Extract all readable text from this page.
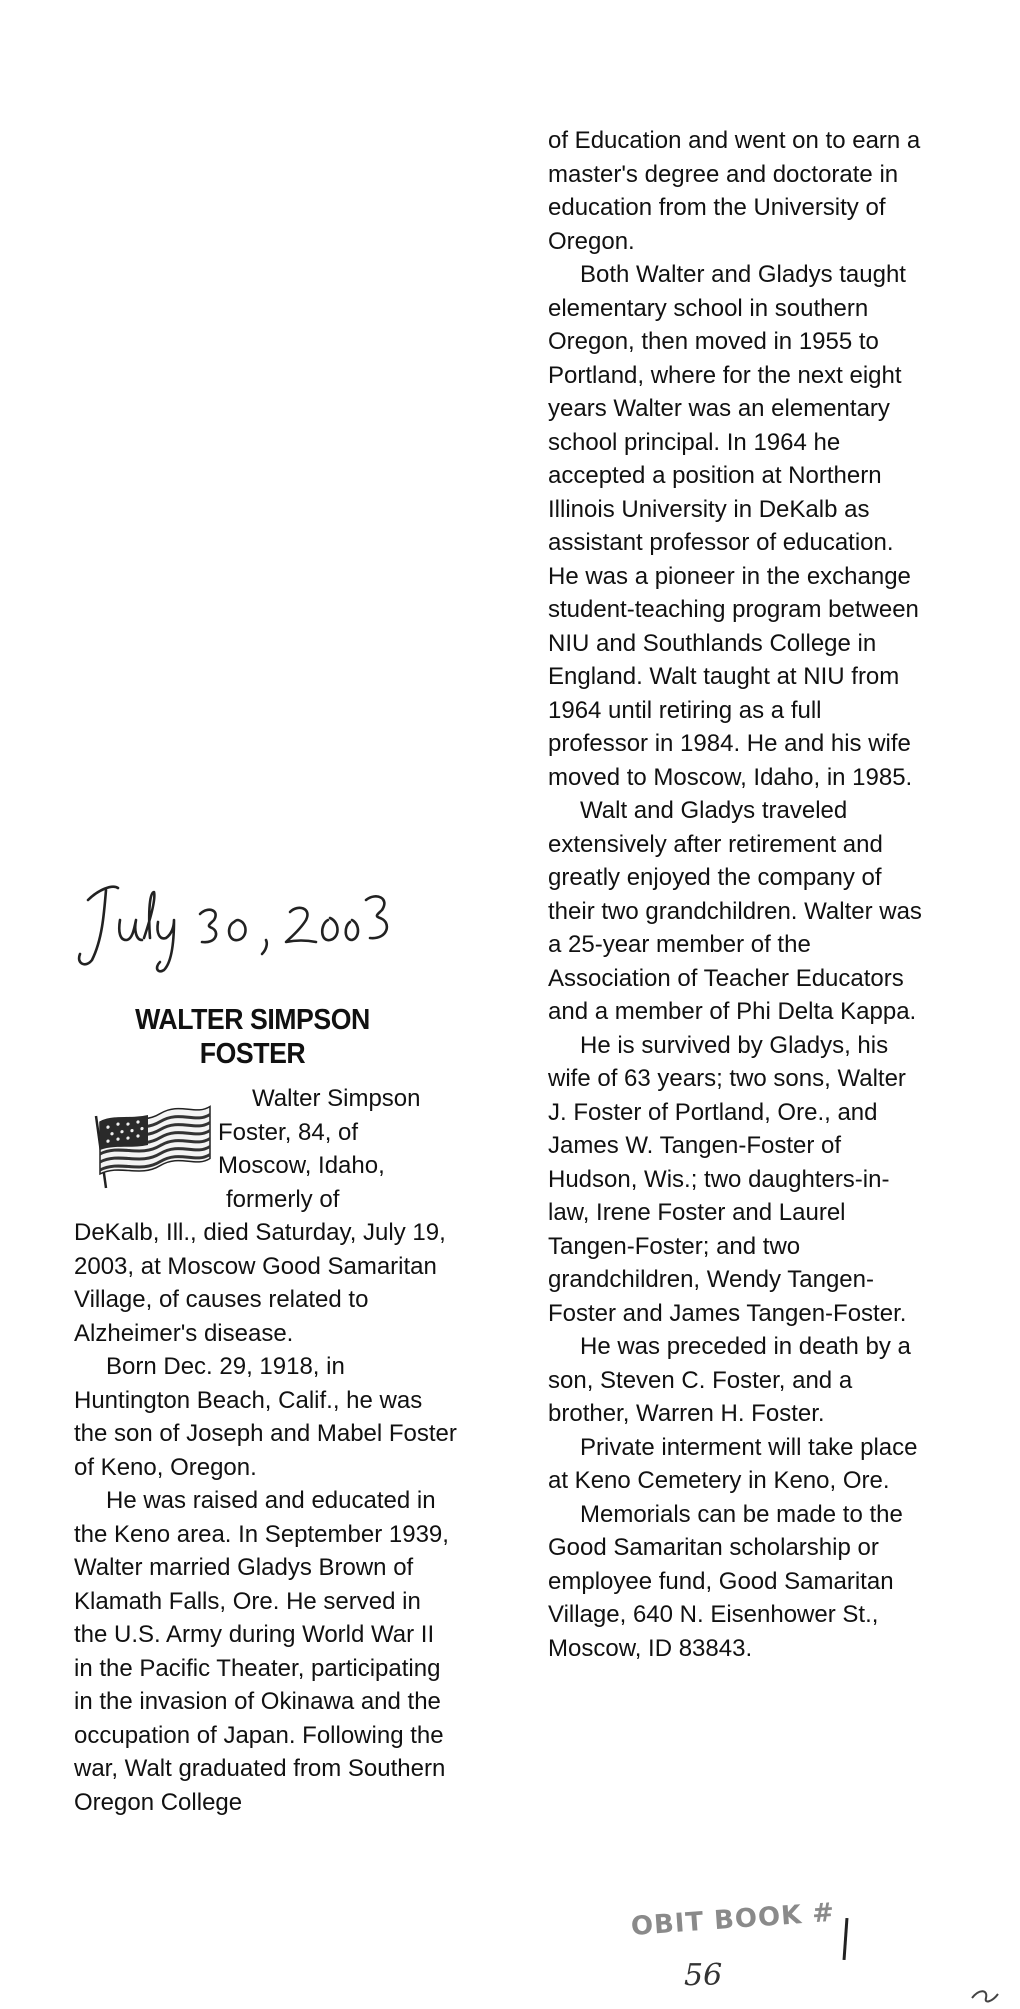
WALTER SIMPSON
FOSTER
Walter Simpson
Foster, 84, of
Moscow, Idaho,
formerly of
DeKalb, Ill., died Saturday, July 19, 2003, at Moscow Good Samaritan Village, of causes related to Alzheimer's disease.

Born Dec. 29, 1918, in Huntington Beach, Calif., he was the son of Joseph and Mabel Foster of Keno, Oregon.

He was raised and educated in the Keno area. In September 1939, Walter married Gladys Brown of Klamath Falls, Ore. He served in the U.S. Army during World War II in the Pacific Theater, participating in the invasion of Okinawa and the occupation of Japan. Following the war, Walt graduated from Southern Oregon College

of Education and went on to earn a master's degree and doctorate in education from the University of Oregon.

Both Walter and Gladys taught elementary school in southern Oregon, then moved in 1955 to Portland, where for the next eight years Walter was an elementary school principal. In 1964 he accepted a position at Northern Illinois University in DeKalb as assistant professor of education. He was a pioneer in the exchange student-teaching program between NIU and Southlands College in England. Walt taught at NIU from 1964 until retiring as a full professor in 1984. He and his wife moved to Moscow, Idaho, in 1985.

Walt and Gladys traveled extensively after retirement and greatly enjoyed the company of their two grandchildren. Walter was a 25-year member of the Association of Teacher Educators and a member of Phi Delta Kappa.

He is survived by Gladys, his wife of 63 years; two sons, Walter J. Foster of Portland, Ore., and James W. Tangen-Foster of Hudson, Wis.; two daughters-in-law, Irene Foster and Laurel Tangen-Foster; and two grandchildren, Wendy Tangen-Foster and James Tangen-Foster.

He was preceded in death by a son, Steven C. Foster, and a brother, Warren H. Foster.

Private interment will take place at Keno Cemetery in Keno, Ore.

Memorials can be made to the Good Samaritan scholarship or employee fund, Good Samaritan Village, 640 N. Eisenhower St., Moscow, ID 83843.

OBIT BOOK #
56
